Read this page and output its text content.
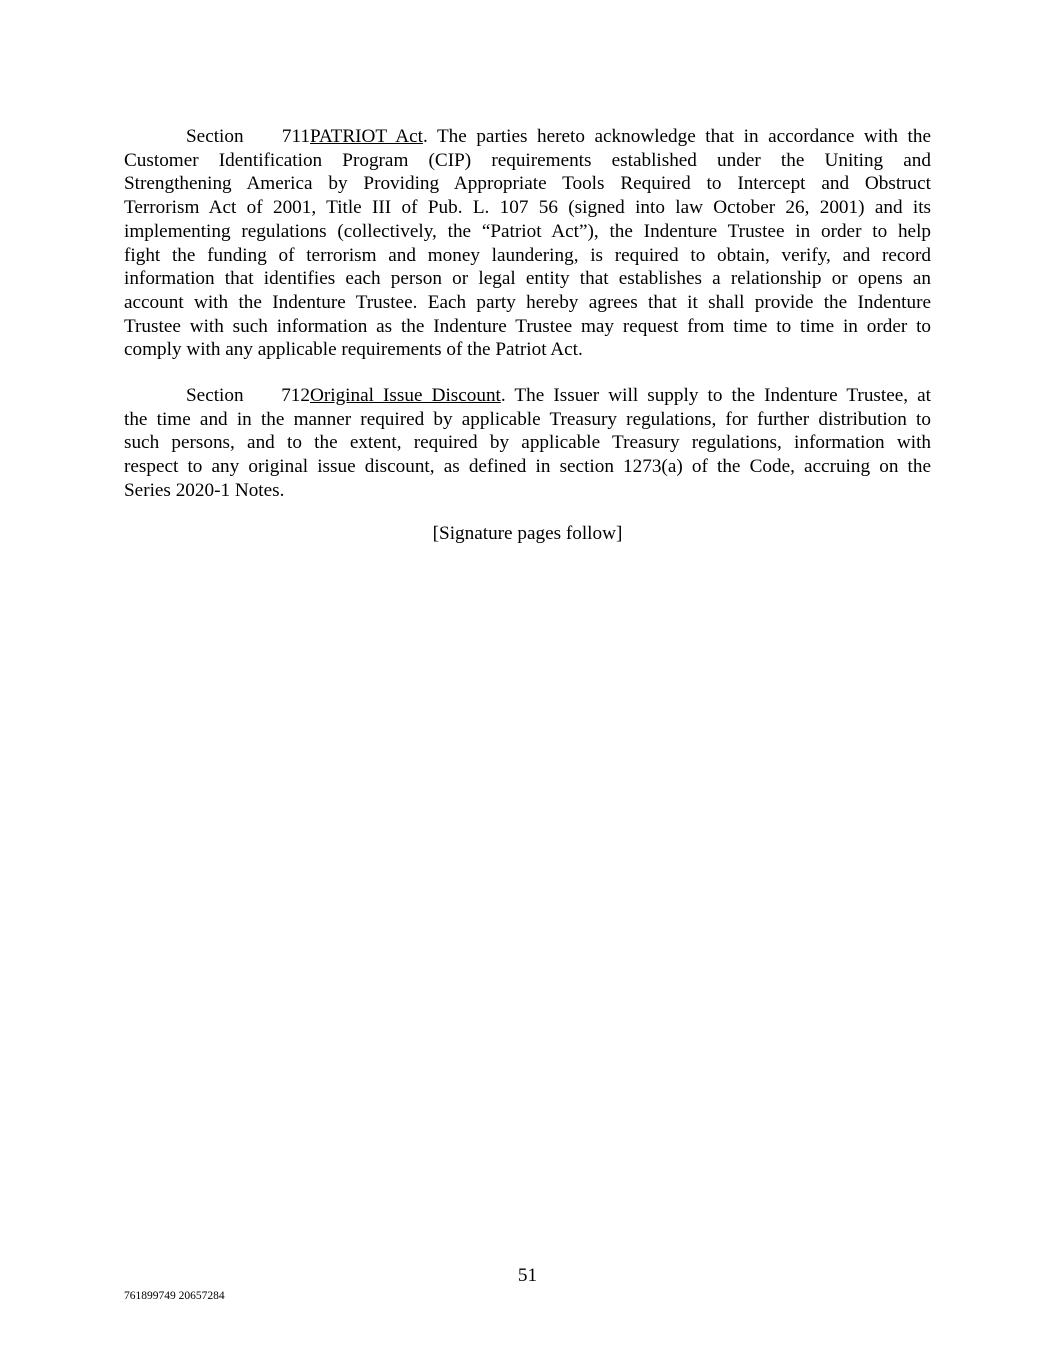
Section 711PATRIOT Act. The parties hereto acknowledge that in accordance with the
Customer Identification Program (CIP) requirements established under the Uniting and
Strengthening America by Providing Appropriate Tools Required to Intercept and Obstruct
Terrorism Act of 2001, Title III of Pub. L. 107 56 (signed into law October 26, 2001) and its
implementing regulations (collectively, the “Patriot Act”), the Indenture Trustee in order to help
fight the funding of terrorism and money laundering, is required to obtain, verify, and record
information that identifies each person or legal entity that establishes a relationship or opens an
account with the Indenture Trustee. Each party hereby agrees that it shall provide the Indenture
Trustee with such information as the Indenture Trustee may request from time to time in order to
comply with any applicable requirements of the Patriot Act.

Section 712Original Issue Discount. The Issuer will supply to the Indenture Trustee, at
the time and in the manner required by applicable Treasury regulations, for further distribution to
such persons, and to the extent, required by applicable Treasury regulations, information with
respect to any original issue discount, as defined in section 1273(a) of the Code, accruing on the
Series 2020-1 Notes.

[Signature pages follow]
51
761899749 20657284
